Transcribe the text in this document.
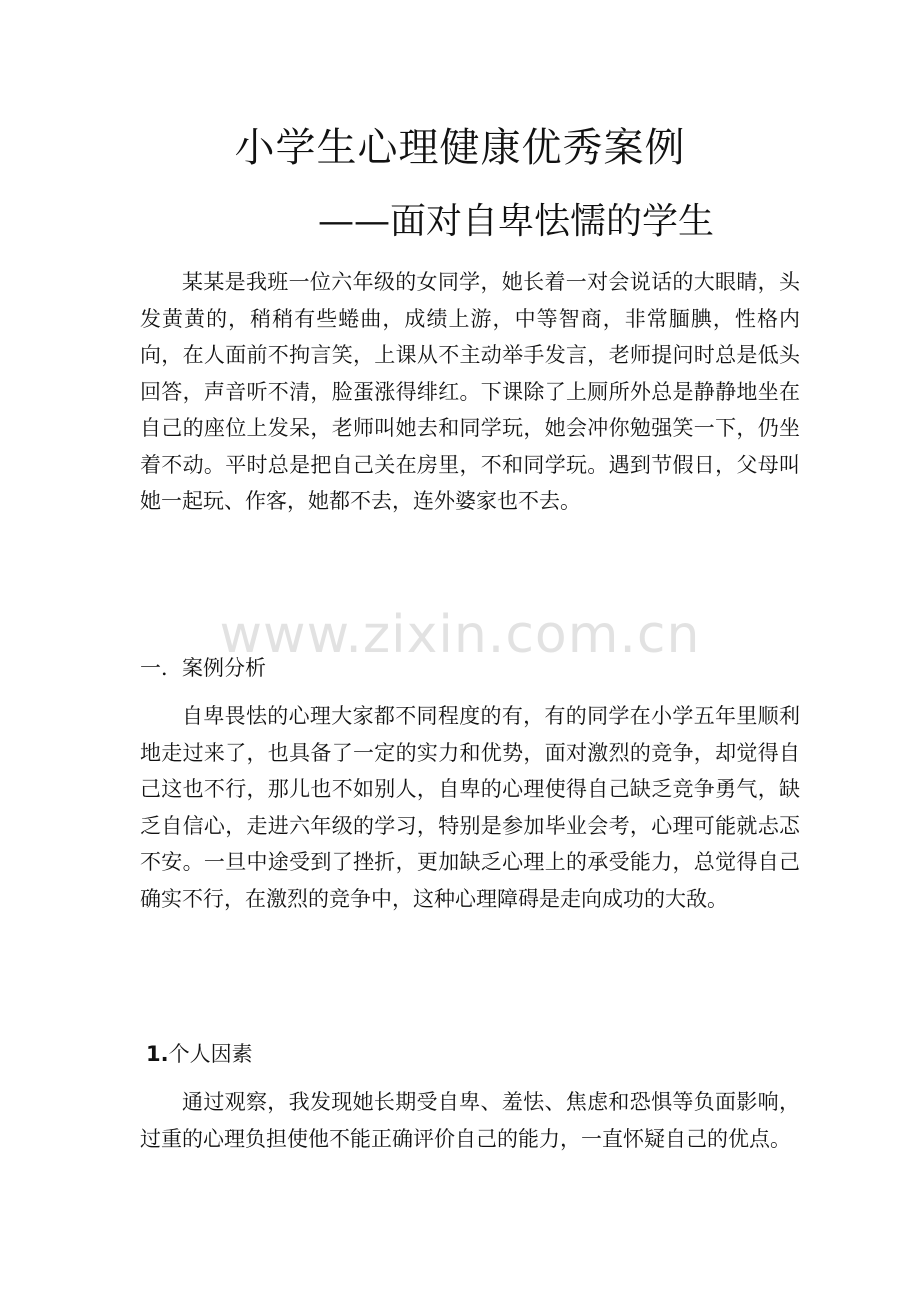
小学生心理健康优秀案例
——面对自卑怯懦的学生

某某是我班一位六年级的女同学，她长着一对会说话的大眼睛，头发黄黄的，稍稍有些蜷曲，成绩上游，中等智商，非常腼腆，性格内向，在人面前不拘言笑，上课从不主动举手发言，老师提问时总是低头回答，声音听不清，脸蛋涨得绯红。下课除了上厕所外总是静静地坐在自己的座位上发呆，老师叫她去和同学玩，她会冲你勉强笑一下，仍坐着不动。平时总是把自己关在房里，不和同学玩。遇到节假日，父母叫她一起玩、作客，她都不去，连外婆家也不去。

www.zixin.com.cn

一．案例分析

自卑畏怯的心理大家都不同程度的有，有的同学在小学五年里顺利地走过来了，也具备了一定的实力和优势，面对激烈的竞争，却觉得自己这也不行，那儿也不如别人，自卑的心理使得自己缺乏竞争勇气，缺乏自信心，走进六年级的学习，特别是参加毕业会考，心理可能就忐忑不安。一旦中途受到了挫折，更加缺乏心理上的承受能力，总觉得自己确实不行，在激烈的竞争中，这种心理障碍是走向成功的大敌。

1.个人因素

通过观察，我发现她长期受自卑、羞怯、焦虑和恐惧等负面影响，过重的心理负担使他不能正确评价自己的能力，一直怀疑自己的优点。
